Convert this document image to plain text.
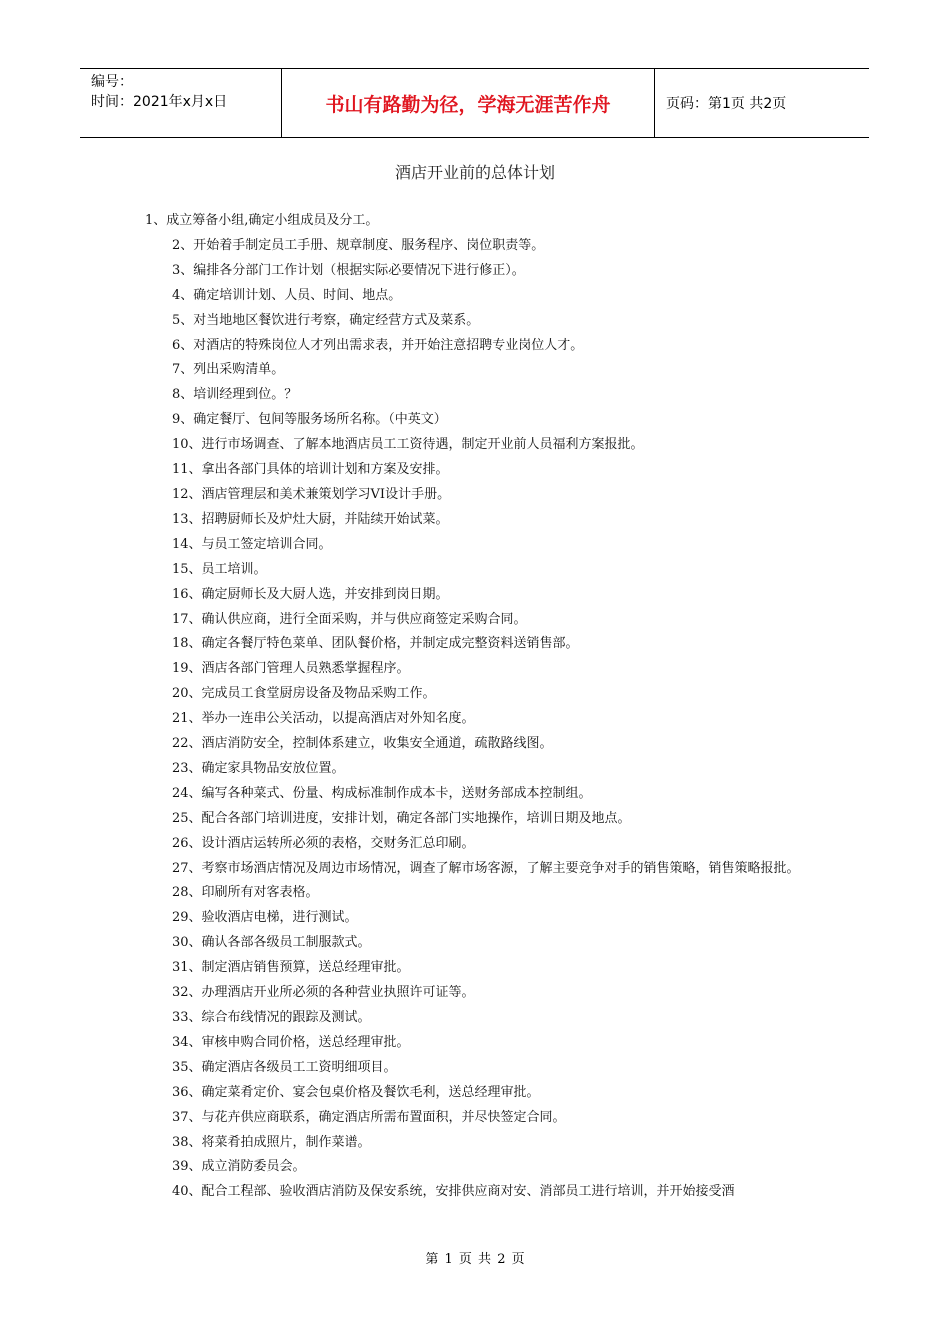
编号：
时间：2021年x月x日	书山有路勤为径，学海无涯苦作舟	页码：第1页 共2页
酒店开业前的总体计划
1、成立筹备小组,确定小组成员及分工。
2、开始着手制定员工手册、规章制度、服务程序、岗位职责等。
3、编排各分部门工作计划（根据实际必要情况下进行修正）。
4、确定培训计划、人员、时间、地点。
5、对当地地区餐饮进行考察，确定经营方式及菜系。
6、对酒店的特殊岗位人才列出需求表，并开始注意招聘专业岗位人才。
7、列出采购清单。
8、培训经理到位。？
9、确定餐厅、包间等服务场所名称。（中英文）
10、进行市场调查、了解本地酒店员工工资待遇，制定开业前人员福利方案报批。
11、拿出各部门具体的培训计划和方案及安排。
12、酒店管理层和美术兼策划学习VI设计手册。
13、招聘厨师长及炉灶大厨，并陆续开始试菜。
14、与员工签定培训合同。
15、员工培训。
16、确定厨师长及大厨人选，并安排到岗日期。
17、确认供应商，进行全面采购，并与供应商签定采购合同。
18、确定各餐厅特色菜单、团队餐价格，并制定成完整资料送销售部。
19、酒店各部门管理人员熟悉掌握程序。
20、完成员工食堂厨房设备及物品采购工作。
21、举办一连串公关活动，以提高酒店对外知名度。
22、酒店消防安全，控制体系建立，收集安全通道，疏散路线图。
23、确定家具物品安放位置。
24、编写各种菜式、份量、构成标准制作成本卡，送财务部成本控制组。
25、配合各部门培训进度，安排计划，确定各部门实地操作，培训日期及地点。
26、设计酒店运转所必须的表格，交财务汇总印刷。
27、考察市场酒店情况及周边市场情况，调查了解市场客源，了解主要竞争对手的销售策略，销售策略报批。
28、印刷所有对客表格。
29、验收酒店电梯，进行测试。
30、确认各部各级员工制服款式。
31、制定酒店销售预算，送总经理审批。
32、办理酒店开业所必须的各种营业执照许可证等。
33、综合布线情况的跟踪及测试。
34、审核申购合同价格，送总经理审批。
35、确定酒店各级员工工资明细项目。
36、确定菜肴定价、宴会包桌价格及餐饮毛利，送总经理审批。
37、与花卉供应商联系，确定酒店所需布置面积，并尽快签定合同。
38、将菜肴拍成照片，制作菜谱。
39、成立消防委员会。
40、配合工程部、验收酒店消防及保安系统，安排供应商对安、消部员工进行培训，并开始接受酒
第 1 页 共 2 页
